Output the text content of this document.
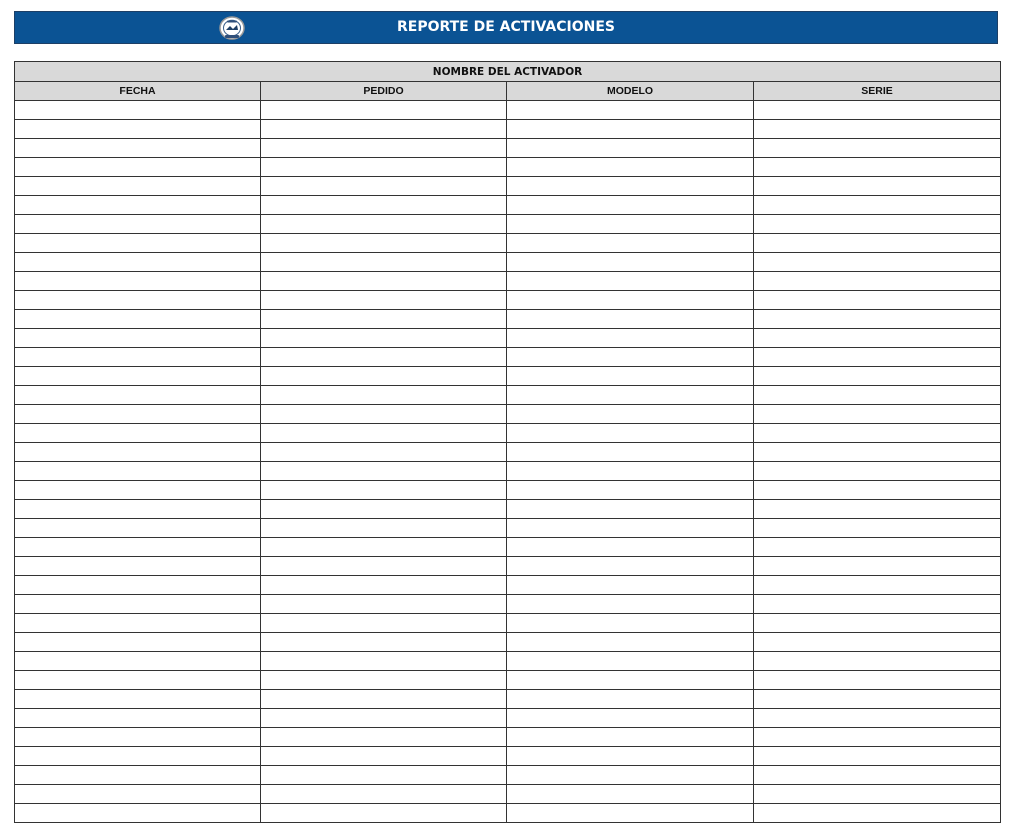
REPORTE DE ACTIVACIONES
NOMBRE DEL ACTIVADOR			
FECHA	PEDIDO	MODELO	SERIE
